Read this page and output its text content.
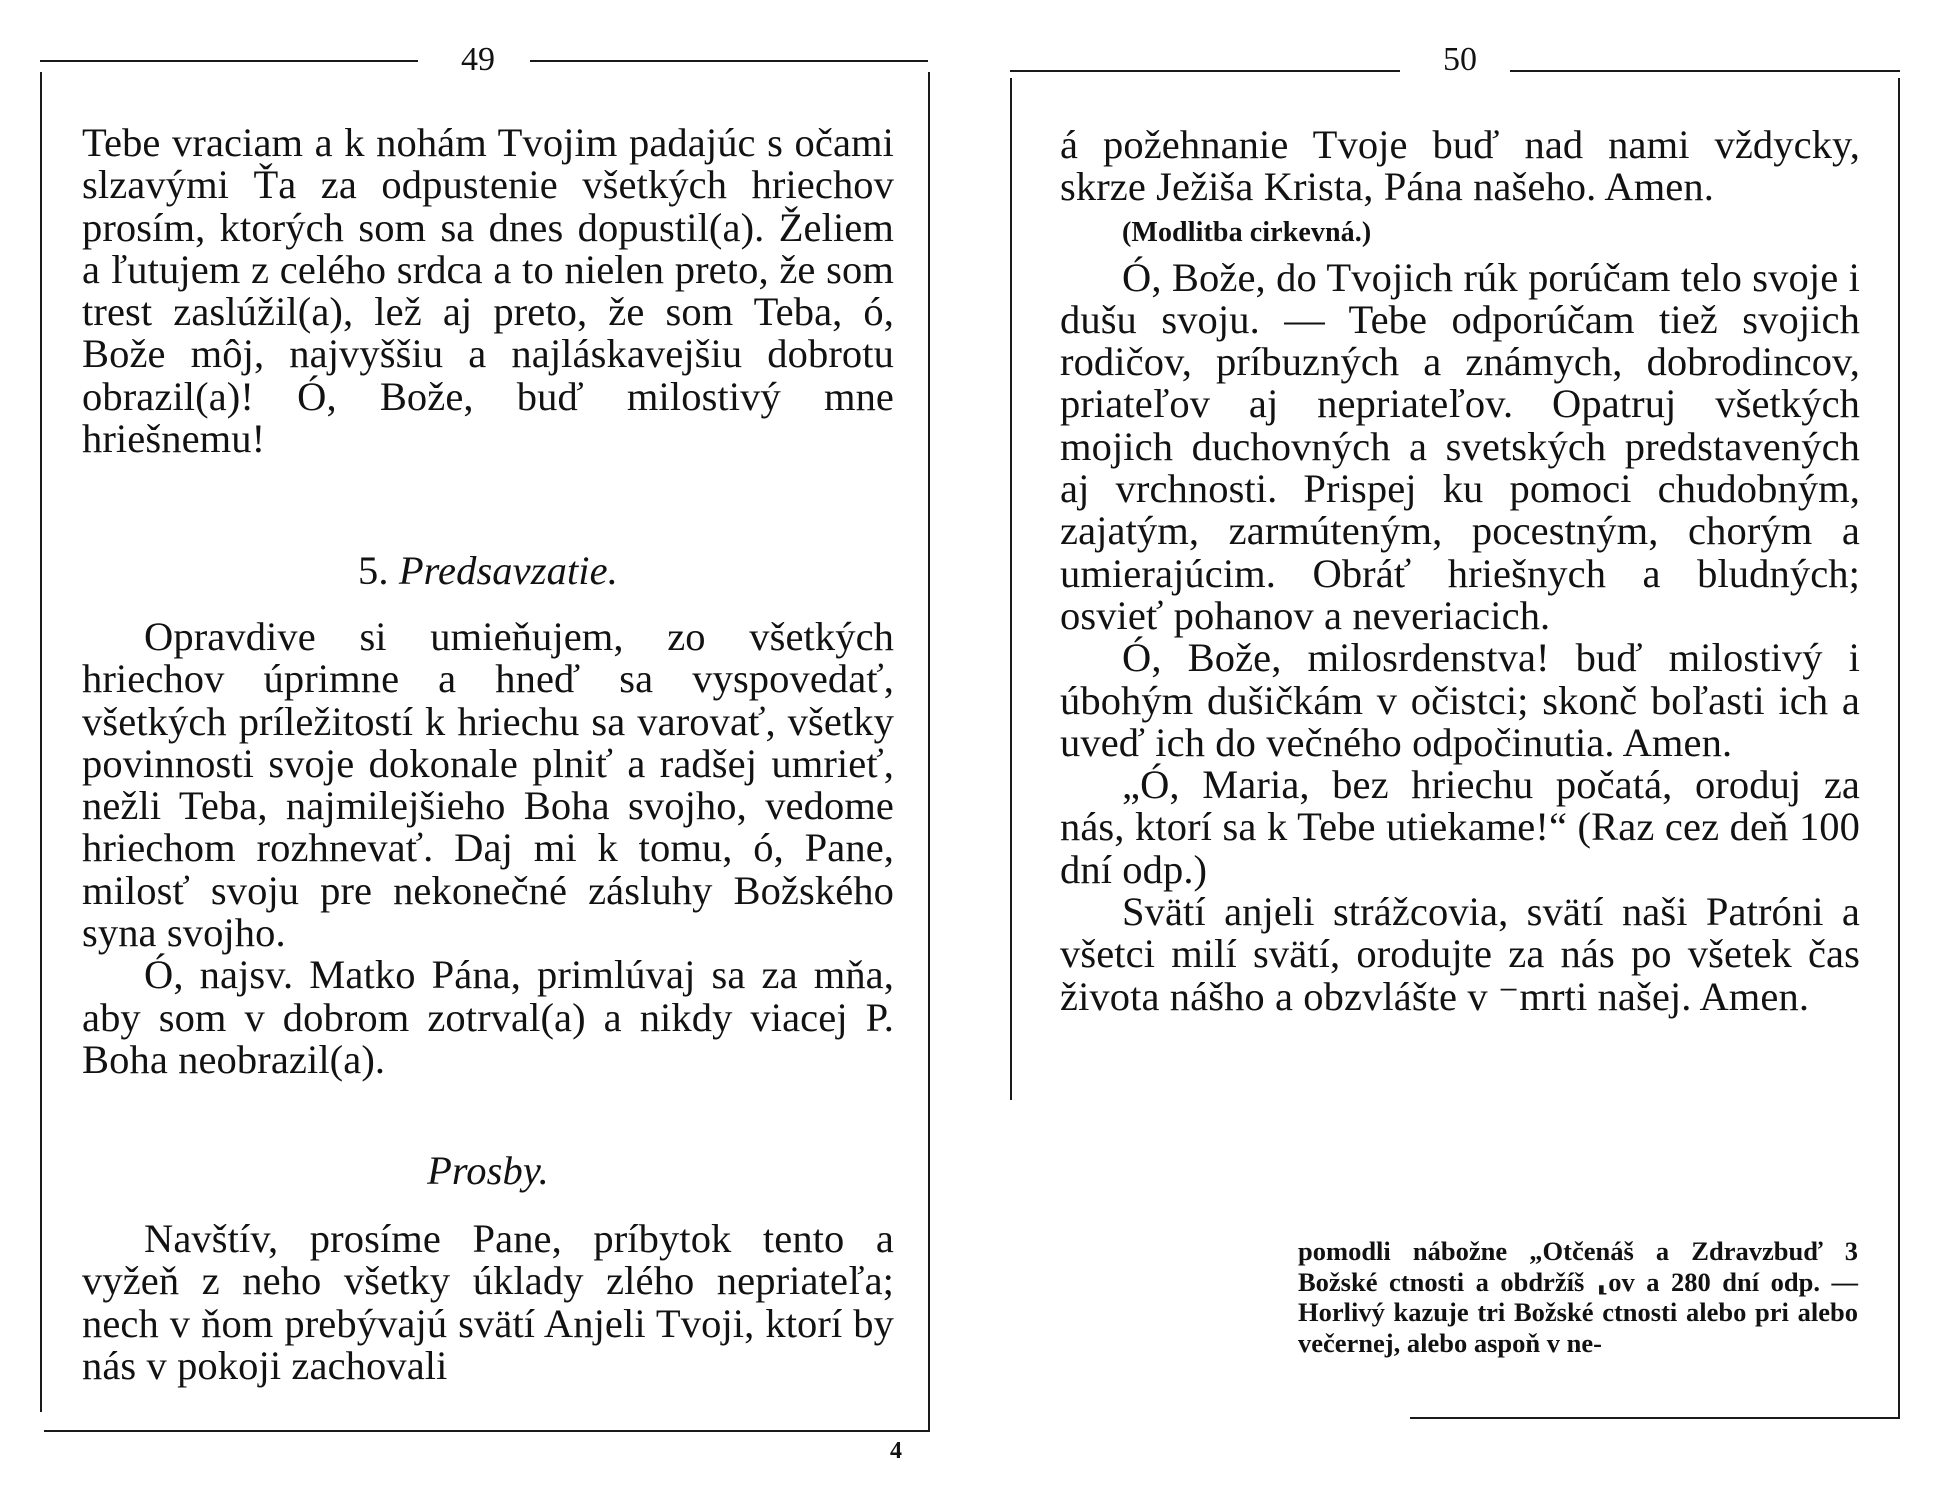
49

Tebe vraciam a k nohám Tvojim padajúc s očami slzavými Ťa za odpustenie všetkých hriechov prosím, ktorých som sa dnes dopustil(a). Želiem a ľutujem z celého srdca a to nielen preto, že som trest zaslúžil(a), lež aj preto, že som Teba, ó, Bože môj, najvyššiu a najláskavejšiu dobrotu obrazil(a)! Ó, Bože, buď milostivý mne hriešnemu!

5. Predsavzatie.

Opravdive si umieňujem, zo všetkých hriechov úprimne a hneď sa vyspovedať, všetkých príležitostí k hriechu sa varovať, všetky povinnosti svoje dokonale plniť a radšej umrieť, nežli Teba, najmilejšieho Boha svojho, vedome hriechom rozhnevať. Daj mi k tomu, ó, Pane, milosť svoju pre nekonečné zásluhy Božského syna svojho.

Ó, najsv. Matko Pána, primlúvaj sa za mňa, aby som v dobrom zotrval(a) a nikdy viacej P. Boha neobrazil(a).

Prosby.

Navštív, prosíme Pane, príbytok tento a vyžeň z neho všetky úklady zlého nepriateľa; nech v ňom prebývajú svätí Anjeli Tvoji, ktorí by nás v pokoji zachovali

4
50

á požehnanie Tvoje buď nad nami vždycky, skrze Ježiša Krista, Pána našeho. Amen.

(Modlitba cirkevná.)

Ó, Bože, do Tvojich rúk porúčam telo svoje i dušu svoju. — Tebe odporúčam tiež svojich rodičov, príbuzných a známych, dobrodincov, priateľov aj nepriateľov. Opatruj všetkých mojich duchovných a svetských predstavených aj vrchnosti. Prispej ku pomoci chudobným, zajatým, zarmúteným, pocestným, chorým a umierajúcim. Obráť hriešnych a bludných; osvieť pohanov a neveriacich.

Ó, Bože, milosrdenstva! buď milostivý i úbohým dušičkám v očistci; skonč boľasti ich a uveď ich do večného odpočinutia. Amen.

„Ó, Maria, bez hriechu počatá, oroduj za nás, ktorí sa k Tebe utiekame!“ (Raz cez deň 100 dní odp.)

Svätí anjeli strážcovia, svätí naši Patróni a všetci milí svätí, orodujte za nás po všetek čas života nášho a obzvlášte v ⁻mrti našej. Amen.

pomodli nábožne „Otčenáš a Zdravzbuď 3 Božské ctnosti a obdržíš ⸤ov a 280 dní odp. — Horlivý kazuje tri Božské ctnosti alebo pri alebo večernej, alebo aspoň v ne-
